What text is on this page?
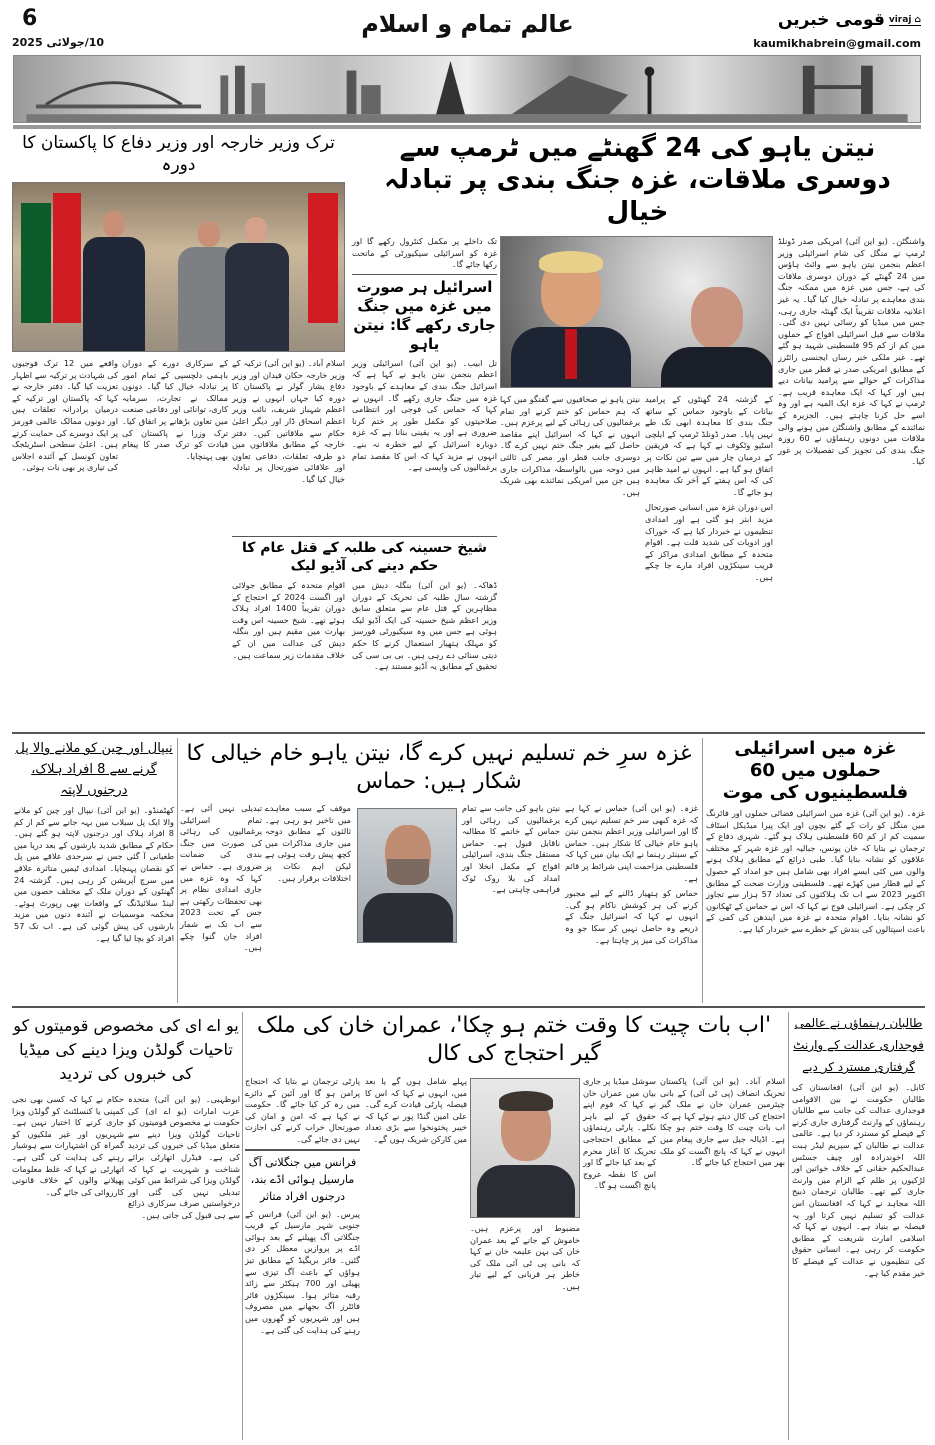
⌂ viraj
قومی خبریں
kaumikhabrein@gmail.com
عالم تمام و اسلام
6
10/جولائی 2025
نیتن یاہو کی 24 گھنٹے میں ٹرمپ سے
دوسری ملاقات، غزہ جنگ بندی پر تبادلہ خیال
واشنگٹن۔ (یو این آئی) امریکی صدر ڈونلڈ ٹرمپ نے منگل کی شام اسرائیلی وزیر اعظم بنجمن نیتن یاہو سے وائٹ ہاؤس میں 24 گھنٹے کے دوران دوسری ملاقات کی ہے، جس میں غزہ میں ممکنہ جنگ بندی معاہدے پر تبادلہ خیال کیا گیا۔ یہ غیر اعلانیہ ملاقات تقریباً ایک گھنٹہ جاری رہی، جس میں میڈیا کو رسائی نہیں دی گئی۔ ملاقات سے قبل اسرائیلی افواج کے حملوں میں کم از کم 95 فلسطینی شہید ہو گئے تھے۔ غیر ملکی خبر رساں ایجنسی رائٹرز کے مطابق امریکی صدر نے قطر میں جاری مذاکرات کے حوالے سے پرامید بیانات دیے ہیں اور کہا کہ ایک معاہدہ قریب ہے۔ ٹرمپ نے کہا کہ غزہ ایک المیہ ہے اور وہ اسے حل کرنا چاہتے ہیں۔ الجزیرہ کے نمائندے کے مطابق واشنگٹن میں ہونے والی ملاقات میں دونوں رہنماؤں نے 60 روزہ جنگ بندی کی تجویز کی تفصیلات پر غور کیا۔
کے گزشتہ 24 گھنٹوں کے پرامید بیانات کے باوجود حماس کے ساتھ جنگ بندی کا معاہدہ ابھی تک طے نہیں پایا۔ صدر ڈونلڈ ٹرمپ کے ایلچی اسٹیو وٹکوف نے کہا ہے کہ فریقین کے درمیان چار میں سے تین نکات پر اتفاق ہو گیا ہے۔ انہوں نے امید ظاہر کی کہ اس ہفتے کے آخر تک معاہدہ ہو جائے گا۔
اس دوران غزہ میں انسانی صورتحال مزید ابتر ہو گئی ہے اور امدادی تنظیموں نے خبردار کیا ہے کہ خوراک اور ادویات کی شدید قلت ہے۔ اقوام متحدہ کے مطابق امدادی مراکز کے قریب سینکڑوں افراد مارے جا چکے ہیں۔
نیتن یاہو نے صحافیوں سے گفتگو میں کہا کہ ہم حماس کو ختم کرنے اور تمام یرغمالیوں کی رہائی کے لیے پرعزم ہیں۔ انہوں نے کہا کہ اسرائیل اپنے مقاصد حاصل کیے بغیر جنگ ختم نہیں کرے گا۔ دوسری جانب قطر اور مصر کی ثالثی میں دوحہ میں بالواسطہ مذاکرات جاری ہیں جن میں امریکی نمائندے بھی شریک ہیں۔
تک داخلے پر مکمل کنٹرول رکھے گا اور غزہ کو اسرائیلی سیکیورٹی کے ماتحت رکھا جائے گا۔
اسرائیل ہر صورت میں غزہ میں جنگ جاری رکھے گا: نیتن یاہو
تل ابیب۔ (یو این آئی) اسرائیلی وزیر اعظم بنجمن نیتن یاہو نے کہا ہے کہ اسرائیل جنگ بندی کے معاہدے کے باوجود غزہ میں جنگ جاری رکھے گا۔ انہوں نے کہا کہ حماس کی فوجی اور انتظامی صلاحیتوں کو مکمل طور پر ختم کرنا ضروری ہے اور یہ یقینی بنانا ہے کہ غزہ دوبارہ اسرائیل کے لیے خطرہ نہ بنے۔ انہوں نے مزید کہا کہ اس کا مقصد تمام یرغمالیوں کی واپسی ہے۔
ترک وزیر خارجہ اور وزیر دفاع کا پاکستان کا دورہ
اسلام آباد۔ (یو این آئی) ترکیہ کے وزیر خارجہ حکان فیدان اور وزیر دفاع یشار گولر نے پاکستان کا دورہ کیا جہاں انہوں نے وزیر اعظم شہباز شریف، نائب وزیر اعظم اسحاق ڈار اور دیگر اعلیٰ حکام سے ملاقاتیں کیں۔ دفتر خارجہ کے مطابق ملاقاتوں میں دو طرفہ تعلقات، دفاعی تعاون اور علاقائی صورتحال پر تبادلہ خیال کیا گیا۔
کے سرکاری دورے کے دوران باہمی دلچسپی کے تمام امور پر تبادلہ خیال کیا گیا۔ دونوں ممالک نے تجارت، سرمایہ کاری، توانائی اور دفاعی صنعت میں تعاون بڑھانے پر اتفاق کیا۔ ترک وزرا نے پاکستان کی قیادت کو ترک صدر کا پیغام بھی پہنچایا۔
واقعے میں 12 ترک فوجیوں کی شہادت پر ترکیہ سے اظہار تعزیت کیا گیا۔ دفتر خارجہ نے کہا کہ پاکستان اور ترکیہ کے درمیان برادرانہ تعلقات ہیں اور دونوں ممالک عالمی فورمز پر ایک دوسرے کی حمایت کرتے ہیں۔ اعلیٰ سطحی اسٹریٹجک تعاون کونسل کے آئندہ اجلاس کی تیاری پر بھی بات ہوئی۔
شیخ حسینہ کی طلبہ کے قتل عام کا حکم دینے کی آڈیو لیک
ڈھاکہ۔ (یو این آئی) بنگلہ دیش میں گزشتہ سال طلبہ کی تحریک کے دوران مظاہرین کے قتل عام سے متعلق سابق وزیر اعظم شیخ حسینہ کی ایک آڈیو لیک ہوئی ہے جس میں وہ سیکیورٹی فورسز کو مہلک ہتھیار استعمال کرنے کا حکم دیتی سنائی دے رہی ہیں۔ بی بی سی کی تحقیق کے مطابق یہ آڈیو مستند ہے۔
اقوام متحدہ کے مطابق جولائی اور اگست 2024 کے احتجاج کے دوران تقریباً 1400 افراد ہلاک ہوئے تھے۔ شیخ حسینہ اس وقت بھارت میں مقیم ہیں اور بنگلہ دیش کی عدالت میں ان کے خلاف مقدمات زیر سماعت ہیں۔
غزہ میں اسرائیلی حملوں میں 60 فلسطینیوں کی موت
غزہ۔ (یو این آئی) غزہ میں اسرائیلی فضائی حملوں اور فائرنگ میں منگل کو رات کے گئے بچوں اور ایک پیرا میڈیکل اسٹاف سمیت کم از کم 60 فلسطینی ہلاک ہو گئے۔ شہری دفاع کے ترجمان نے بتایا کہ خان یونس، جبالیہ اور غزہ شہر کے مختلف علاقوں کو نشانہ بنایا گیا۔ طبی ذرائع کے مطابق ہلاک ہونے والوں میں کئی ایسے افراد بھی شامل ہیں جو امداد کے حصول کے لیے قطار میں کھڑے تھے۔ فلسطینی وزارت صحت کے مطابق اکتوبر 2023 سے اب تک ہلاکتوں کی تعداد 57 ہزار سے تجاوز کر چکی ہے۔ اسرائیلی فوج نے کہا کہ اس نے حماس کے ٹھکانوں کو نشانہ بنایا۔ اقوام متحدہ نے غزہ میں ایندھن کی کمی کے باعث اسپتالوں کی بندش کے خطرے سے خبردار کیا ہے۔
غزہ سرِ خم تسلیم نہیں کرے گا، نیتن یاہو خام خیالی کا شکار ہیں: حماس
غزہ۔ (یو این آئی) حماس نے کہا ہے کہ غزہ کبھی سر خم تسلیم نہیں کرے گا اور اسرائیلی وزیر اعظم بنجمن نیتن یاہو خام خیالی کا شکار ہیں۔ حماس کے سینئر رہنما نے ایک بیان میں کہا کہ فلسطینی مزاحمت اپنی شرائط پر قائم ہے۔
حماس کو ہتھیار ڈالنے کے لیے مجبور کرنے کی ہر کوشش ناکام ہو گی۔ انہوں نے کہا کہ اسرائیل جنگ کے ذریعے وہ حاصل نہیں کر سکا جو وہ مذاکرات کی میز پر چاہتا ہے۔
نیتن یاہو کی جانب سے تمام یرغمالیوں کی رہائی اور حماس کے خاتمے کا مطالبہ ناقابل قبول ہے۔ حماس مستقل جنگ بندی، اسرائیلی افواج کے مکمل انخلا اور امداد کی بلا روک ٹوک فراہمی چاہتی ہے۔
موقف کے سبب معاہدے میں تاخیر ہو رہی ہے۔ ثالثوں کے مطابق دوحہ میں جاری مذاکرات میں کچھ پیش رفت ہوئی ہے لیکن اہم نکات پر اختلافات برقرار ہیں۔
تبدیلی نہیں آئی ہے۔ تمام اسرائیلی یرغمالیوں کی رہائی کی صورت میں جنگ بندی کی ضمانت ضروری ہے۔ حماس نے کہا کہ وہ غزہ میں جاری امدادی نظام پر بھی تحفظات رکھتی ہے جس کے تحت 2023 سے اب تک بے شمار افراد جان گنوا چکے ہیں۔
نیپال اور چین کو ملانے والا پل گرنے سے 8 افراد ہلاک، درجنوں لاپتہ
کھٹمنڈو۔ (یو این آئی) نیپال اور چین کو ملانے والا ایک پل سیلاب میں بہہ جانے سے کم از کم 8 افراد ہلاک اور درجنوں لاپتہ ہو گئے ہیں۔ حکام کے مطابق شدید بارشوں کے بعد دریا میں طغیانی آ گئی جس نے سرحدی علاقے میں پل کو نقصان پہنچایا۔ امدادی ٹیمیں متاثرہ علاقے میں سرچ آپریشن کر رہی ہیں۔ گزشتہ 24 گھنٹوں کے دوران ملک کے مختلف حصوں میں لینڈ سلائیڈنگ کے واقعات بھی رپورٹ ہوئے۔ محکمہ موسمیات نے آئندہ دنوں میں مزید بارشوں کی پیش گوئی کی ہے۔ اب تک 57 افراد کو بچا لیا گیا ہے۔
طالبان رہنماؤں نے عالمی فوجداری عدالت کے وارنٹ گرفتاری مسترد کر دیے
کابل۔ (یو این آئی) افغانستان کی طالبان حکومت نے بین الاقوامی فوجداری عدالت کی جانب سے طالبان رہنماؤں کے وارنٹ گرفتاری جاری کرنے کے فیصلے کو مسترد کر دیا ہے۔ عالمی عدالت نے طالبان کے سپریم لیڈر ہبت اللہ اخوندزادہ اور چیف جسٹس عبدالحکیم حقانی کے خلاف خواتین اور لڑکیوں پر ظلم کے الزام میں وارنٹ جاری کیے تھے۔ طالبان ترجمان ذبیح اللہ مجاہد نے کہا کہ افغانستان اس عدالت کو تسلیم نہیں کرتا اور یہ فیصلہ بے بنیاد ہے۔ انہوں نے کہا کہ اسلامی امارت شریعت کے مطابق حکومت کر رہی ہے۔ انسانی حقوق کی تنظیموں نے عدالت کے فیصلے کا خیر مقدم کیا ہے۔
'اب بات چیت کا وقت ختم ہو چکا'، عمران خان کی ملک گیر احتجاج کی کال
اسلام آباد۔ (یو این آئی) پاکستان تحریک انصاف (پی ٹی آئی) کے بانی چیئرمین عمران خان نے ملک گیر احتجاج کی کال دیتے ہوئے کہا ہے کہ اب بات چیت کا وقت ختم ہو چکا ہے۔ اڈیالہ جیل سے جاری پیغام میں انہوں نے کہا کہ پانچ اگست کو ملک بھر میں احتجاج کیا جائے گا۔
سوشل میڈیا پر جاری بیان میں عمران خان نے کہا کہ قوم اپنے حقوق کے لیے باہر نکلے۔ پارٹی رہنماؤں کے مطابق احتجاجی تحریک کا آغاز محرم کے بعد کیا جائے گا اور اس کا نقطہ عروج پانچ اگست ہو گا۔
مضبوط اور پرعزم ہیں۔ خاموش کے جانے کے بعد عمران خان کی بہن علیمہ خان نے کہا کہ بانی پی ٹی آئی ملک کی خاطر ہر قربانی کے لیے تیار ہیں۔
پہلے شامل ہوں گے یا بعد میں، انہوں نے کہا کہ اس کا فیصلہ پارٹی قیادت کرے گی۔ علی امین گنڈا پور نے کہا کہ خیبر پختونخوا سے بڑی تعداد میں کارکن شریک ہوں گے۔
پارٹی ترجمان نے بتایا کہ احتجاج پرامن ہو گا اور آئین کے دائرے میں رہ کر کیا جائے گا۔ حکومت نے کہا ہے کہ امن و امان کی صورتحال خراب کرنے کی اجازت نہیں دی جائے گی۔
فرانس میں جنگلاتی آگ مارسیل ہوائی اڈے بند، درجنوں افراد متاثر
پیرس۔ (یو این آئی) فرانس کے جنوبی شہر مارسیل کے قریب جنگلاتی آگ پھیلنے کے بعد ہوائی اڈے پر پروازیں معطل کر دی گئیں۔ فائر بریگیڈ کے مطابق تیز ہواؤں کے باعث آگ تیزی سے پھیلی اور 700 ہیکٹر سے زائد رقبہ متاثر ہوا۔ سینکڑوں فائر فائٹرز آگ بجھانے میں مصروف ہیں اور شہریوں کو گھروں میں رہنے کی ہدایت کی گئی ہے۔
یو اے ای کی مخصوص قومیتوں کو تاحیات گولڈن ویزا دینے کی میڈیا کی خبروں کی تردید
ابوظہبی۔ (یو این آئی) متحدہ عرب امارات (یو اے ای) کی حکومت نے مخصوص قومیتوں کو تاحیات گولڈن ویزا دینے سے متعلق میڈیا کی خبروں کی تردید کی ہے۔ فیڈرل اتھارٹی برائے شناخت و شہریت نے کہا کہ گولڈن ویزا کی شرائط میں کوئی تبدیلی نہیں کی گئی اور درخواستیں صرف سرکاری ذرائع سے ہی قبول کی جاتی ہیں۔
حکام نے کہا کہ کسی بھی نجی کمپنی یا کنسلٹنٹ کو گولڈن ویزا جاری کرنے کا اختیار نہیں ہے۔ شہریوں اور غیر ملکیوں کو گمراہ کن اشتہارات سے ہوشیار رہنے کی ہدایت کی گئی ہے۔ اتھارٹی نے کہا کہ غلط معلومات پھیلانے والوں کے خلاف قانونی کارروائی کی جائے گی۔
